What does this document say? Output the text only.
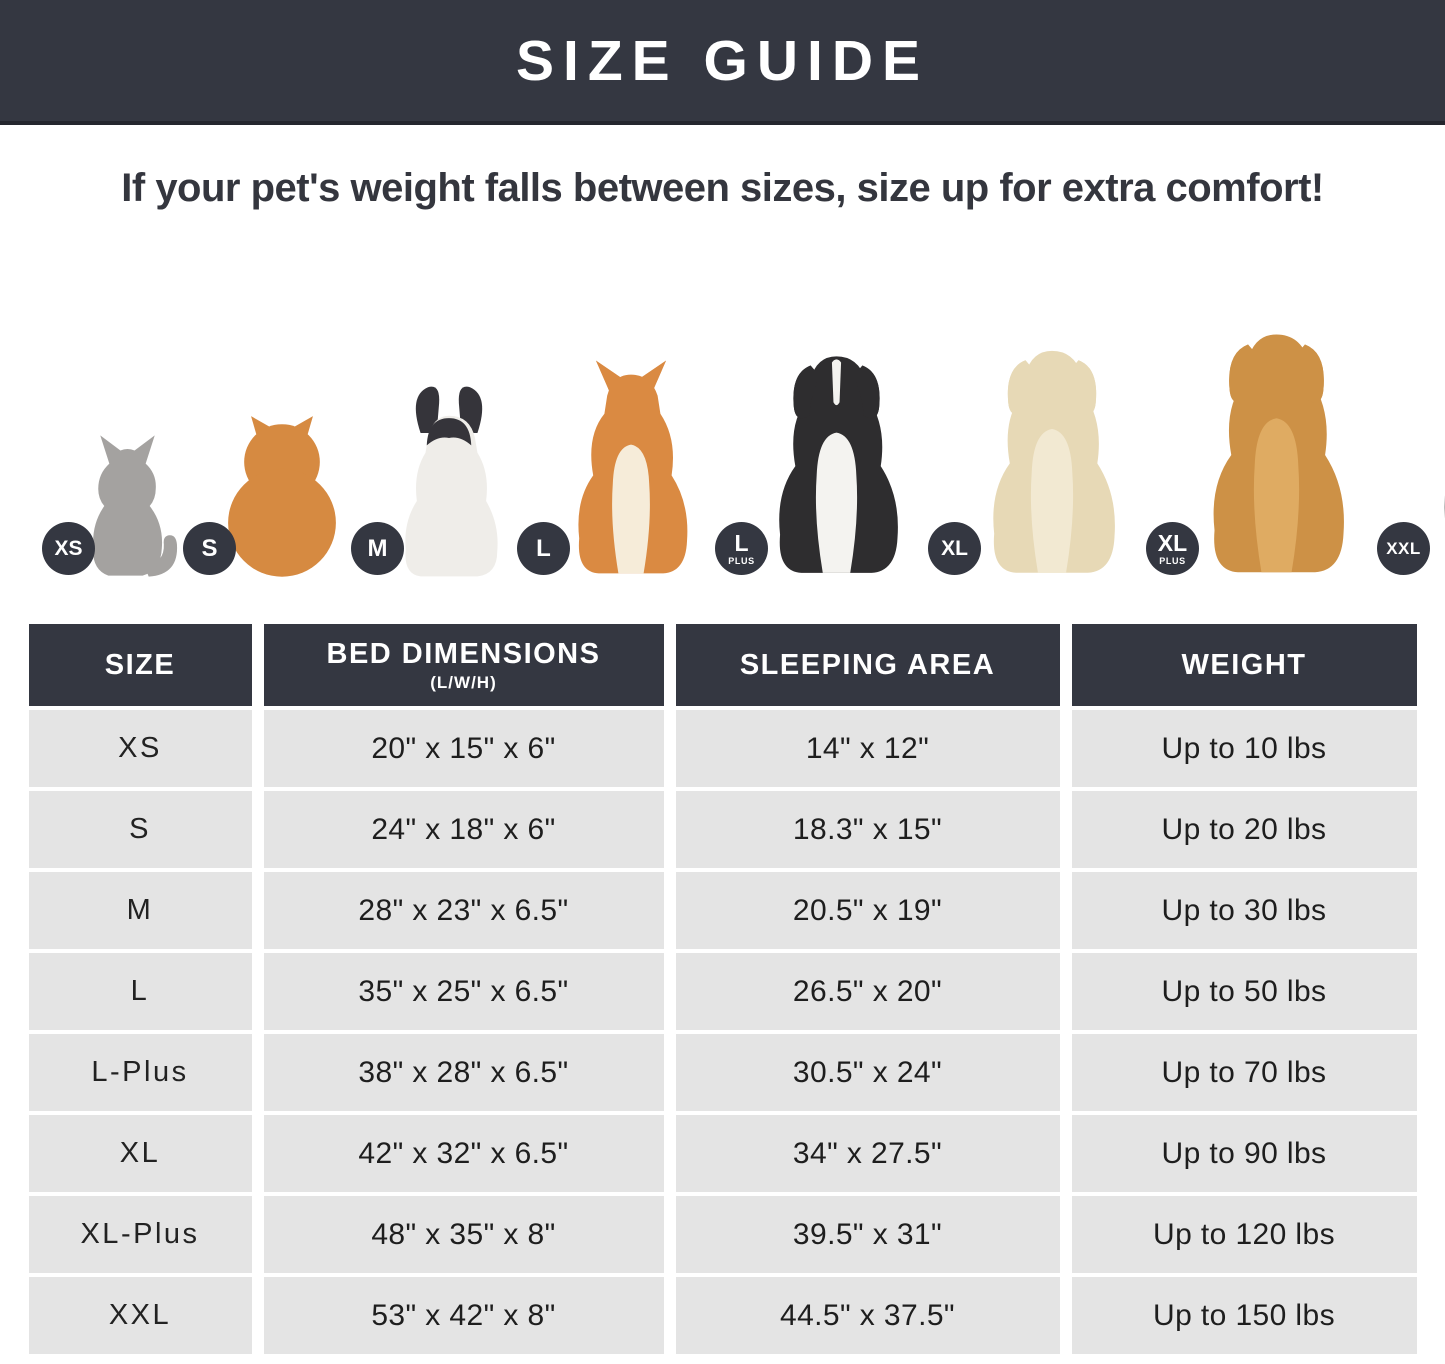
SIZE GUIDE

If your pet's weight falls between sizes, size up for extra comfort!

XS	S	M	L	L
PLUS
XL	XL
PLUS
XXL
SIZE	BED DIMENSIONS
(L/W/H)
SLEEPING AREA	WEIGHT
XS	20" x 15" x 6"	14" x 12"	Up to 10 lbs
S	24" x 18" x 6"	18.3" x 15"	Up to 20 lbs
M	28" x 23" x 6.5"	20.5" x 19"	Up to 30 lbs
L	35" x 25" x 6.5"	26.5" x 20"	Up to 50 lbs
L-Plus	38" x 28" x 6.5"	30.5" x 24"	Up to 70 lbs
XL	42" x 32" x 6.5"	34" x 27.5"	Up to 90 lbs
XL-Plus	48" x 35" x 8"	39.5" x 31"	Up to 120 lbs
XXL	53" x 42" x 8"	44.5" x 37.5"	Up to 150 lbs
